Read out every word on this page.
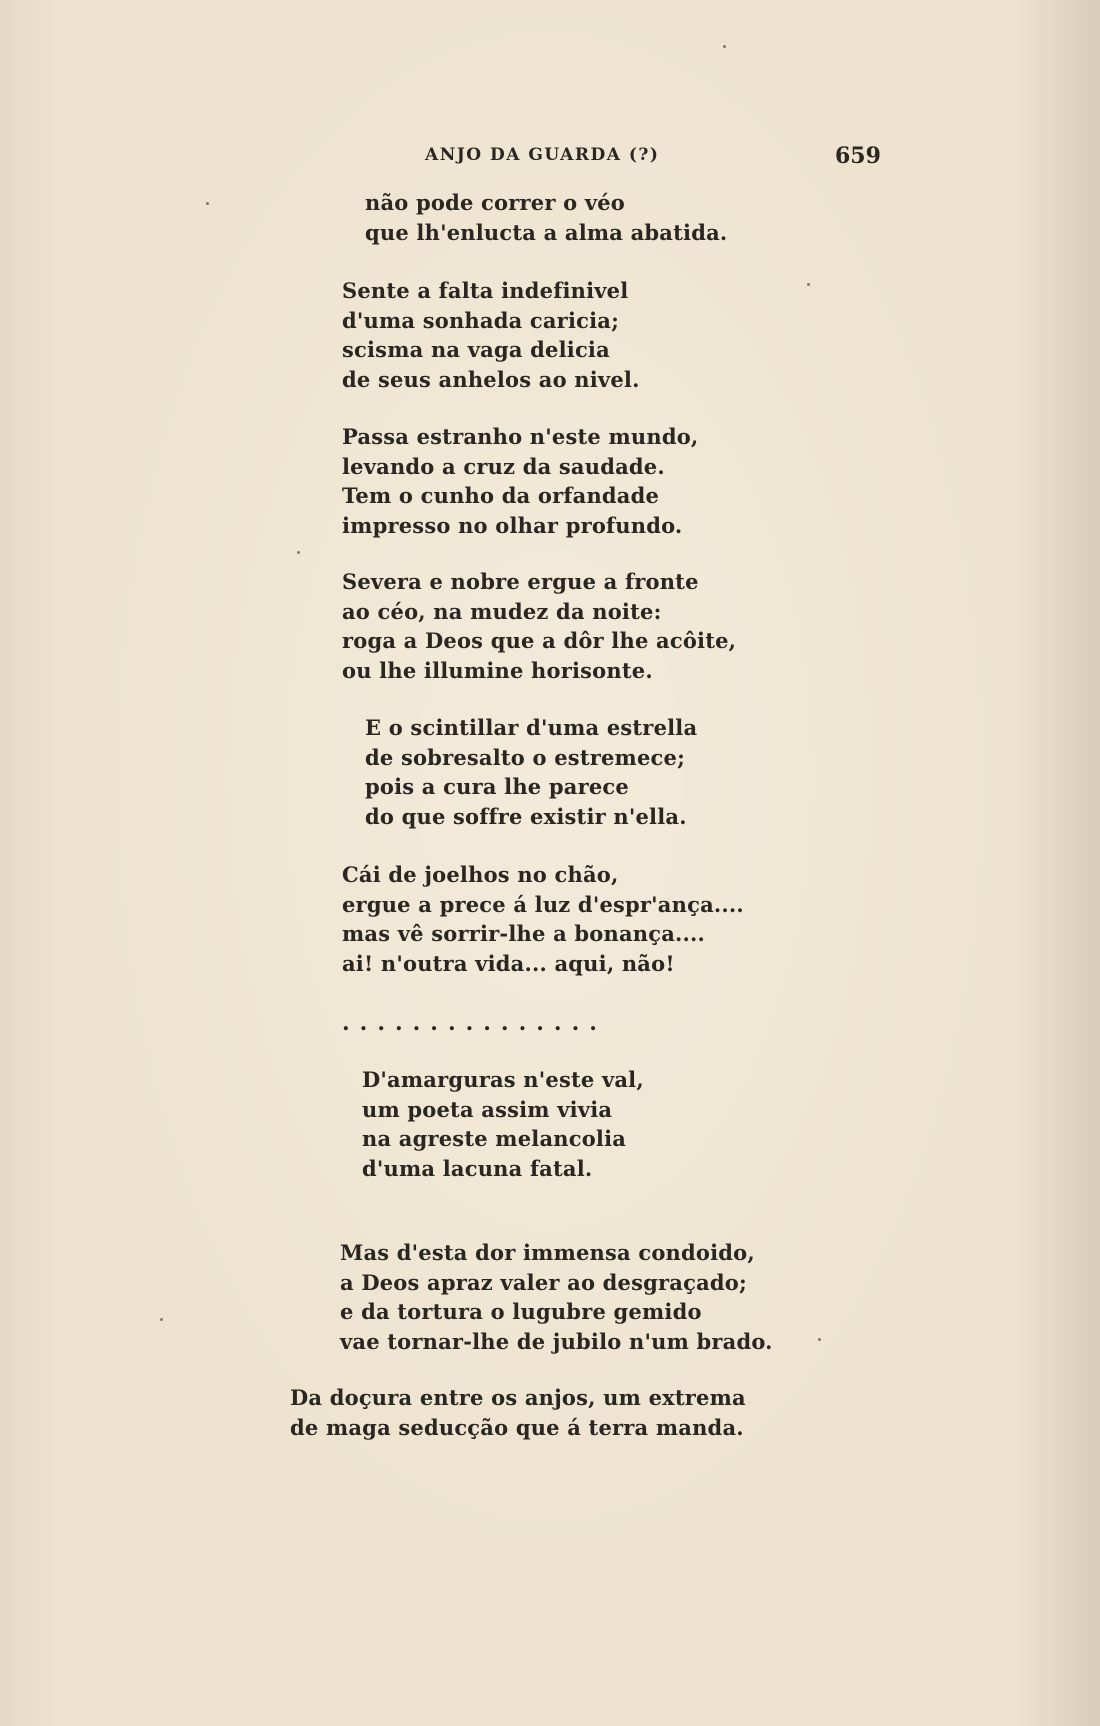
ANJO DA GUARDA (?)	659
não pode correr o véo
que lh'enlucta a alma abatida.
Sente a falta indefinivel
d'uma sonhada caricia;
scisma na vaga delicia
de seus anhelos ao nivel.
Passa estranho n'este mundo,
levando a cruz da saudade.
Tem o cunho da orfandade
impresso no olhar profundo.
Severa e nobre ergue a fronte
ao céo, na mudez da noite:
roga a Deos que a dôr lhe acôite,
ou lhe illumine horisonte.
E o scintillar d'uma estrella
de sobresalto o estremece;
pois a cura lhe parece
do que soffre existir n'ella.
Cái de joelhos no chão,
ergue a prece á luz d'espr'ança....
mas vê sorrir-lhe a bonança....
ai! n'outra vida... aqui, não!
...............
D'amarguras n'este val,
um poeta assim vivia
na agreste melancolia
d'uma lacuna fatal.
Mas d'esta dor immensa condoido,
a Deos apraz valer ao desgraçado;
e da tortura o lugubre gemido
vae tornar-lhe de jubilo n'um brado.
Da doçura entre os anjos, um extrema
de maga seducção que á terra manda.
